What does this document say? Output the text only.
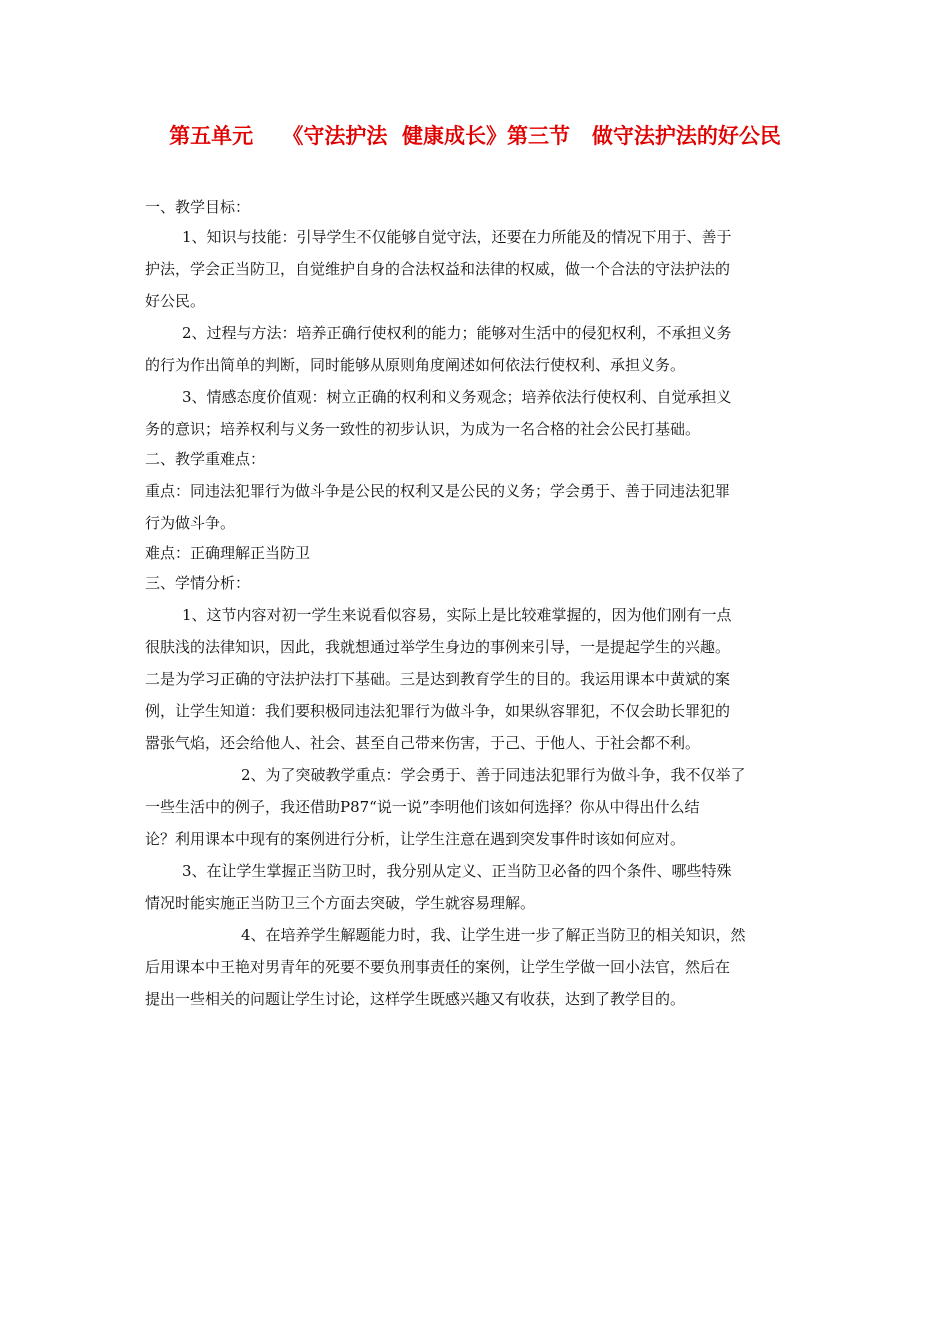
第五单元    《守法护法  健康成长》第三节   做守法护法的好公民
一、教学目标：
1、知识与技能：引导学生不仅能够自觉守法，还要在力所能及的情况下用于、善于
护法，学会正当防卫，自觉维护自身的合法权益和法律的权威，做一个合法的守法护法的
好公民。
2、过程与方法：培养正确行使权利的能力；能够对生活中的侵犯权利，不承担义务
的行为作出简单的判断，同时能够从原则角度阐述如何依法行使权利、承担义务。
3、情感态度价值观：树立正确的权利和义务观念；培养依法行使权利、自觉承担义
务的意识；培养权利与义务一致性的初步认识，为成为一名合格的社会公民打基础。
二、教学重难点：
重点：同违法犯罪行为做斗争是公民的权利又是公民的义务；学会勇于、善于同违法犯罪
行为做斗争。
难点：正确理解正当防卫
三、学情分析：
1、这节内容对初一学生来说看似容易，实际上是比较难掌握的，因为他们刚有一点
很肤浅的法律知识，因此，我就想通过举学生身边的事例来引导，一是提起学生的兴趣。
二是为学习正确的守法护法打下基础。三是达到教育学生的目的。我运用课本中黄斌的案
例，让学生知道：我们要积极同违法犯罪行为做斗争，如果纵容罪犯，不仅会助长罪犯的
嚣张气焰，还会给他人、社会、甚至自己带来伤害，于己、于他人、于社会都不利。
2、为了突破教学重点：学会勇于、善于同违法犯罪行为做斗争，我不仅举了
一些生活中的例子，我还借助P87“说一说”李明他们该如何选择？你从中得出什么结
论？利用课本中现有的案例进行分析，让学生注意在遇到突发事件时该如何应对。
3、在让学生掌握正当防卫时，我分别从定义、正当防卫必备的四个条件、哪些特殊
情况时能实施正当防卫三个方面去突破，学生就容易理解。
4、在培养学生解题能力时，我、让学生进一步了解正当防卫的相关知识，然
后用课本中王艳对男青年的死要不要负刑事责任的案例，让学生学做一回小法官，然后在
提出一些相关的问题让学生讨论，这样学生既感兴趣又有收获，达到了教学目的。
